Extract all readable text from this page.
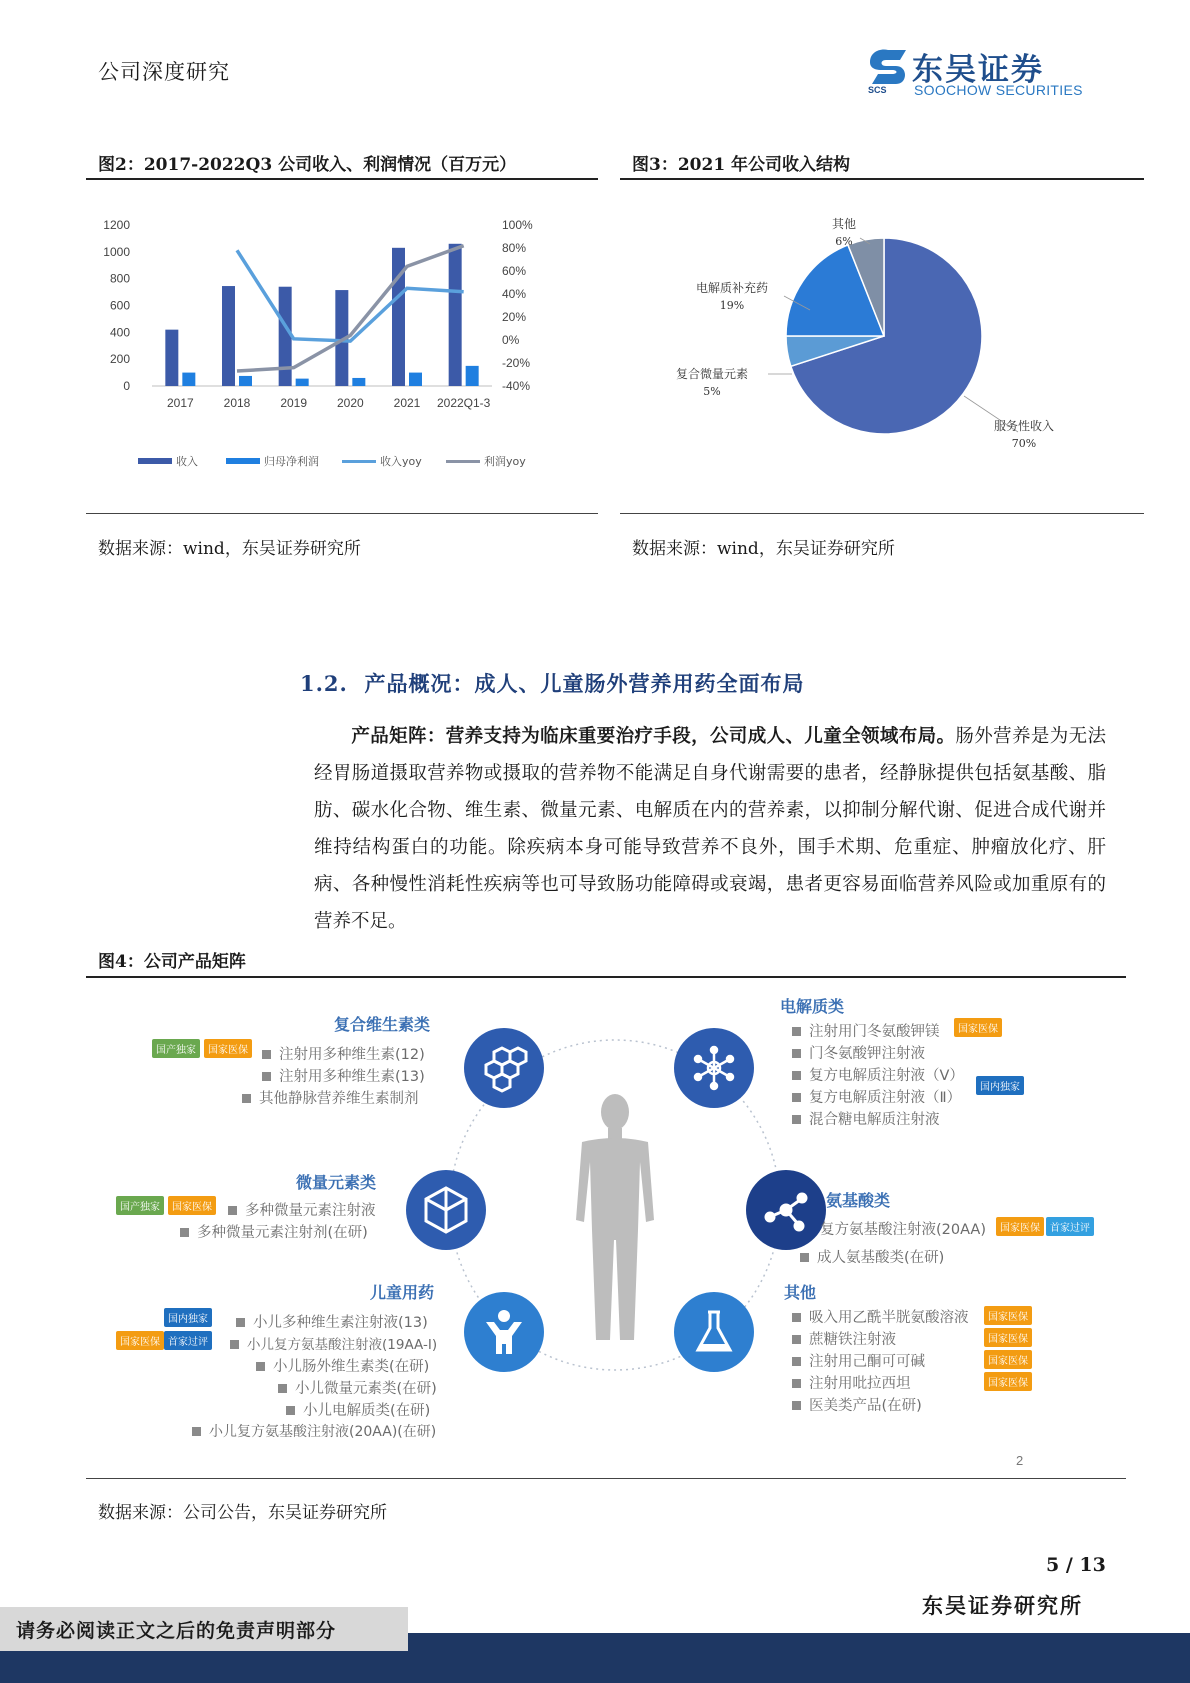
公司深度研究
SCS
东吴证券
SOOCHOW SECURITIES
图2：2017-2022Q3 公司收入、利润情况（百万元）
0
200
400
600
800
1000
1200
-40%
-20%
0%
20%
40%
60%
80%
100%
2017 2018 2019 2020 2021 2022Q1-3
收入	归母净利润	收入yoy	利润yoy
数据来源：wind，东吴证券研究所
图3：2021 年公司收入结构
服务性收入
70%
复合微量元素
5%
电解质补充药
19%
其他
6%
数据来源：wind，东吴证券研究所
1.2. 产品概况：成人、儿童肠外营养用药全面布局
  产品矩阵：营养支持为临床重要治疗手段，公司成人、儿童全领域布局。肠外营养是为无法经胃肠道摄取营养物或摄取的营养物不能满足自身代谢需要的患者，经静脉提供包括氨基酸、脂肪、碳水化合物、维生素、微量元素、电解质在内的营养素，以抑制分解代谢、促进合成代谢并维持结构蛋白的功能。除疾病本身可能导致营养不良外，围手术期、危重症、肿瘤放化疗、肝病、各种慢性消耗性疾病等也可导致肠功能障碍或衰竭，患者更容易面临营养风险或加重原有的营养不足。
图4：公司产品矩阵
复合维生素类
注射用多种维生素(12)
注射用多种维生素(13)
其他静脉营养维生素制剂
国产独家	国家医保
微量元素类
多种微量元素注射液
多种微量元素注射剂(在研)
国产独家	国家医保
儿童用药
小儿多种维生素注射液(13)
小儿复方氨基酸注射液(19AA-Ⅰ)
小儿肠外维生素类(在研)
小儿微量元素类(在研)
小儿电解质类(在研)
小儿复方氨基酸注射液(20AA)(在研)
国内独家
国家医保 首家过评
电解质类
注射用门冬氨酸钾镁
门冬氨酸钾注射液
复方电解质注射液（Ⅴ）
复方电解质注射液（Ⅱ）
混合糖电解质注射液
国家医保
国内独家
氨基酸类
复方氨基酸注射液(20AA)
成人氨基酸类(在研)
国家医保	首家过评
其他
吸入用乙酰半胱氨酸溶液
蔗糖铁注射液
注射用己酮可可碱
注射用吡拉西坦
医美类产品(在研)
国家医保
国家医保
国家医保
国家医保
2
数据来源：公司公告，东吴证券研究所
5 / 13
请务必阅读正文之后的免责声明部分
东吴证券研究所
